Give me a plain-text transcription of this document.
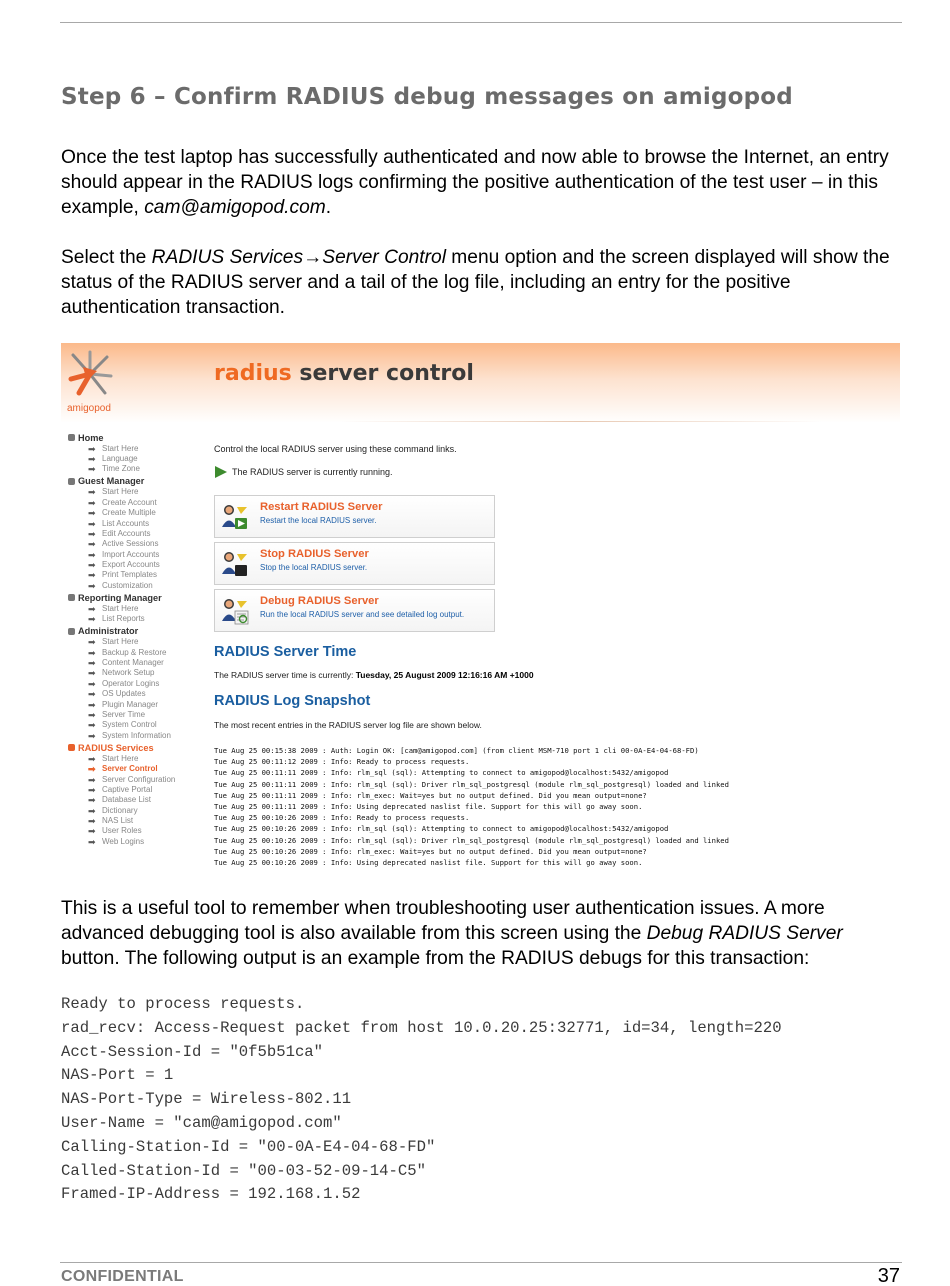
Step 6 – Confirm RADIUS debug messages on amigopod

Once the test laptop has successfully authenticated and now able to browse the Internet, an entry should appear in the RADIUS logs confirming the positive authentication of the test user – in this example, cam@amigopod.com.

Select the RADIUS Services→Server Control menu option and the screen displayed will show the status of the RADIUS server and a tail of the log file, including an entry for the positive authentication transaction.

amigopod
radius server control
Home
➡ Start Here
➡ Language
➡ Time Zone
Guest Manager
➡ Start Here
➡ Create Account
➡ Create Multiple
➡ List Accounts
➡ Edit Accounts
➡ Active Sessions
➡ Import Accounts
➡ Export Accounts
➡ Print Templates
➡ Customization
Reporting Manager
➡ Start Here
➡ List Reports
Administrator
➡ Start Here
➡ Backup & Restore
➡ Content Manager
➡ Network Setup
➡ Operator Logins
➡ OS Updates
➡ Plugin Manager
➡ Server Time
➡ System Control
➡ System Information
RADIUS Services
➡ Start Here
➡ Server Control
➡ Server Configuration
➡ Captive Portal
➡ Database List
➡ Dictionary
➡ NAS List
➡ User Roles
➡ Web Logins
Control the local RADIUS server using these command links.
The RADIUS server is currently running.
Restart RADIUS Server
Restart the local RADIUS server.
Stop RADIUS Server
Stop the local RADIUS server.
Debug RADIUS Server
Run the local RADIUS server and see detailed log output.
RADIUS Server Time
The RADIUS server time is currently: Tuesday, 25 August 2009 12:16:16 AM +1000
RADIUS Log Snapshot
The most recent entries in the RADIUS server log file are shown below.
Tue Aug 25 00:15:38 2009 : Auth: Login OK: [cam@amigopod.com] (from client MSM-710 port 1 cli 00-0A-E4-04-68-FD)
Tue Aug 25 00:11:12 2009 : Info: Ready to process requests.
Tue Aug 25 00:11:11 2009 : Info: rlm_sql (sql): Attempting to connect to amigopod@localhost:5432/amigopod
Tue Aug 25 00:11:11 2009 : Info: rlm_sql (sql): Driver rlm_sql_postgresql (module rlm_sql_postgresql) loaded and linked
Tue Aug 25 00:11:11 2009 : Info: rlm_exec: Wait=yes but no output defined. Did you mean output=none?
Tue Aug 25 00:11:11 2009 : Info: Using deprecated naslist file. Support for this will go away soon.
Tue Aug 25 00:10:26 2009 : Info: Ready to process requests.
Tue Aug 25 00:10:26 2009 : Info: rlm_sql (sql): Attempting to connect to amigopod@localhost:5432/amigopod
Tue Aug 25 00:10:26 2009 : Info: rlm_sql (sql): Driver rlm_sql_postgresql (module rlm_sql_postgresql) loaded and linked
Tue Aug 25 00:10:26 2009 : Info: rlm_exec: Wait=yes but no output defined. Did you mean output=none?
Tue Aug 25 00:10:26 2009 : Info: Using deprecated naslist file. Support for this will go away soon.

This is a useful tool to remember when troubleshooting user authentication issues. A more advanced debugging tool is also available from this screen using the Debug RADIUS Server button. The following output is an example from the RADIUS debugs for this transaction:

Ready to process requests.
rad_recv: Access-Request packet from host 10.0.20.25:32771, id=34, length=220
Acct-Session-Id = "0f5b51ca"
NAS-Port = 1
NAS-Port-Type = Wireless-802.11
User-Name = "cam@amigopod.com"
Calling-Station-Id = "00-0A-E4-04-68-FD"
Called-Station-Id = "00-03-52-09-14-C5"
Framed-IP-Address = 192.168.1.52
CONFIDENTIAL	37
